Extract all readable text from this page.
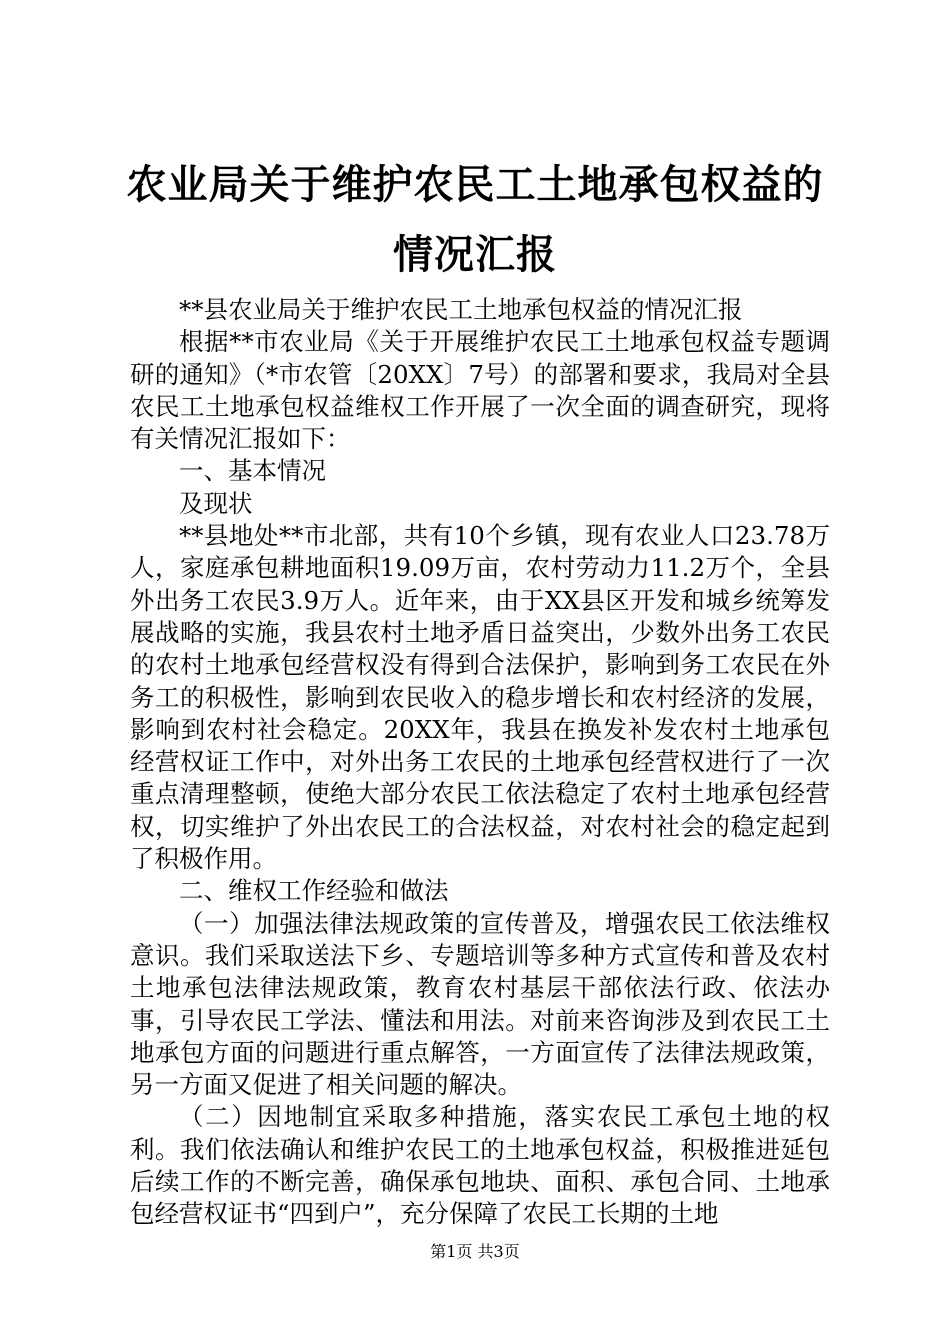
农业局关于维护农民工土地承包权益的情况汇报

**县农业局关于维护农民工土地承包权益的情况汇报

根据**市农业局《关于开展维护农民工土地承包权益专题调研的通知》（*市农管〔20XX〕7号）的部署和要求，我局对全县农民工土地承包权益维权工作开展了一次全面的调查研究，现将有关情况汇报如下：

一、基本情况

及现状

**县地处**市北部，共有10个乡镇，现有农业人口23.78万人，家庭承包耕地面积19.09万亩，农村劳动力11.2万个，全县外出务工农民3.9万人。近年来，由于XX县区开发和城乡统筹发展战略的实施，我县农村土地矛盾日益突出，少数外出务工农民的农村土地承包经营权没有得到合法保护，影响到务工农民在外务工的积极性，影响到农民收入的稳步增长和农村经济的发展，影响到农村社会稳定。20XX年，我县在换发补发农村土地承包经营权证工作中，对外出务工农民的土地承包经营权进行了一次重点清理整顿，使绝大部分农民工依法稳定了农村土地承包经营权，切实维护了外出农民工的合法权益，对农村社会的稳定起到了积极作用。

二、维权工作经验和做法

（一）加强法律法规政策的宣传普及，增强农民工依法维权意识。我们采取送法下乡、专题培训等多种方式宣传和普及农村土地承包法律法规政策，教育农村基层干部依法行政、依法办事，引导农民工学法、懂法和用法。对前来咨询涉及到农民工土地承包方面的问题进行重点解答，一方面宣传了法律法规政策，另一方面又促进了相关问题的解决。

（二）因地制宜采取多种措施，落实农民工承包土地的权利。我们依法确认和维护农民工的土地承包权益，积极推进延包后续工作的不断完善，确保承包地块、面积、承包合同、土地承包经营权证书“四到户”，充分保障了农民工长期的土地

第1页 共3页
